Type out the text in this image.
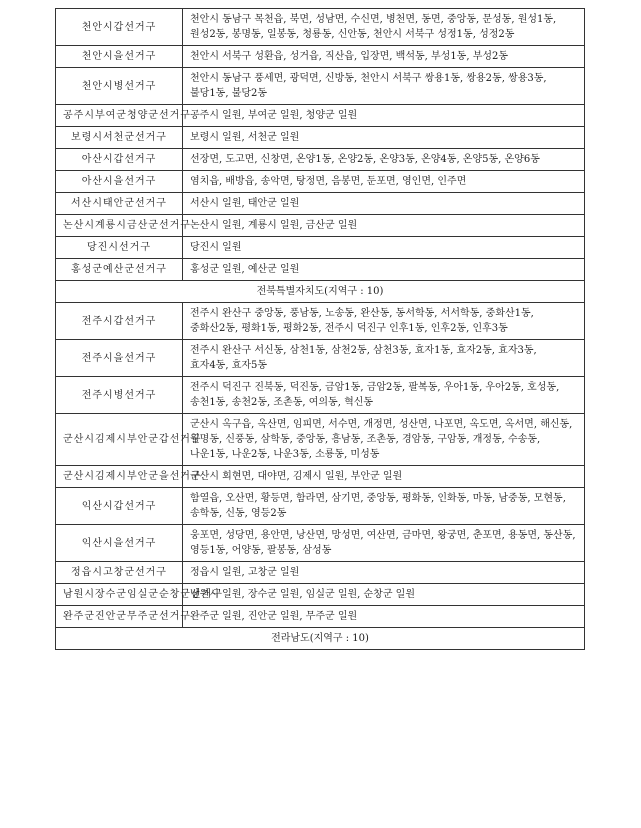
천안시갑선거구	천안시 동남구 목천읍, 북면, 성남면, 수신면, 병천면, 동면, 중앙동, 문성동, 원성1동, 원성2동, 봉명동, 일봉동, 청룡동, 신안동, 천안시 서북구 성정1동, 성정2동
천안시을선거구	천안시 서북구 성환읍, 성거읍, 직산읍, 입장면, 백석동, 부성1동, 부성2동
천안시병선거구	천안시 동남구 풍세면, 광덕면, 신방동, 천안시 서북구 쌍용1동, 쌍용2동, 쌍용3동, 불당1동, 불당2동
공주시부여군청양군선거구	공주시 일원, 부여군 일원, 청양군 일원
보령시서천군선거구	보령시 일원, 서천군 일원
아산시갑선거구	선장면, 도고면, 신창면, 온양1동, 온양2동, 온양3동, 온양4동, 온양5동, 온양6동
아산시을선거구	염치읍, 배방읍, 송악면, 탕정면, 음봉면, 둔포면, 영인면, 인주면
서산시태안군선거구	서산시 일원, 태안군 일원
논산시계룡시금산군선거구	논산시 일원, 계룡시 일원, 금산군 일원
당진시선거구	당진시 일원
홍성군예산군선거구	홍성군 일원, 예산군 일원
전북특별자치도(지역구 : 10)	
전주시갑선거구	전주시 완산구 중앙동, 풍남동, 노송동, 완산동, 동서학동, 서서학동, 중화산1동, 중화산2동, 평화1동, 평화2동, 전주시 덕진구 인후1동, 인후2동, 인후3동
전주시을선거구	전주시 완산구 서신동, 삼천1동, 삼천2동, 삼천3동, 효자1동, 효자2동, 효자3동, 효자4동, 효자5동
전주시병선거구	전주시 덕진구 진북동, 덕진동, 금암1동, 금암2동, 팔복동, 우아1동, 우아2동, 호성동, 송천1동, 송천2동, 조촌동, 여의동, 혁신동
군산시김제시부안군갑선거구	군산시 옥구읍, 옥산면, 임피면, 서수면, 개정면, 성산면, 나포면, 옥도면, 옥서면, 해신동, 월명동, 신풍동, 삼학동, 중앙동, 흥남동, 조촌동, 경암동, 구암동, 개정동, 수송동, 나운1동, 나운2동, 나운3동, 소룡동, 미성동
군산시김제시부안군을선거구	군산시 회현면, 대야면, 김제시 일원, 부안군 일원
익산시갑선거구	함열읍, 오산면, 황등면, 함라면, 삼기면, 중앙동, 평화동, 인화동, 마동, 남중동, 모현동, 송학동, 신동, 영등2동
익산시을선거구	웅포면, 성당면, 용안면, 낭산면, 망성면, 여산면, 금마면, 왕궁면, 춘포면, 용동면, 동산동, 영등1동, 어양동, 팔봉동, 삼성동
정읍시고창군선거구	정읍시 일원, 고창군 일원
남원시장수군임실군순창군선거구	남원시 일원, 장수군 일원, 임실군 일원, 순창군 일원
완주군진안군무주군선거구	완주군 일원, 진안군 일원, 무주군 일원
전라남도(지역구 : 10)	
